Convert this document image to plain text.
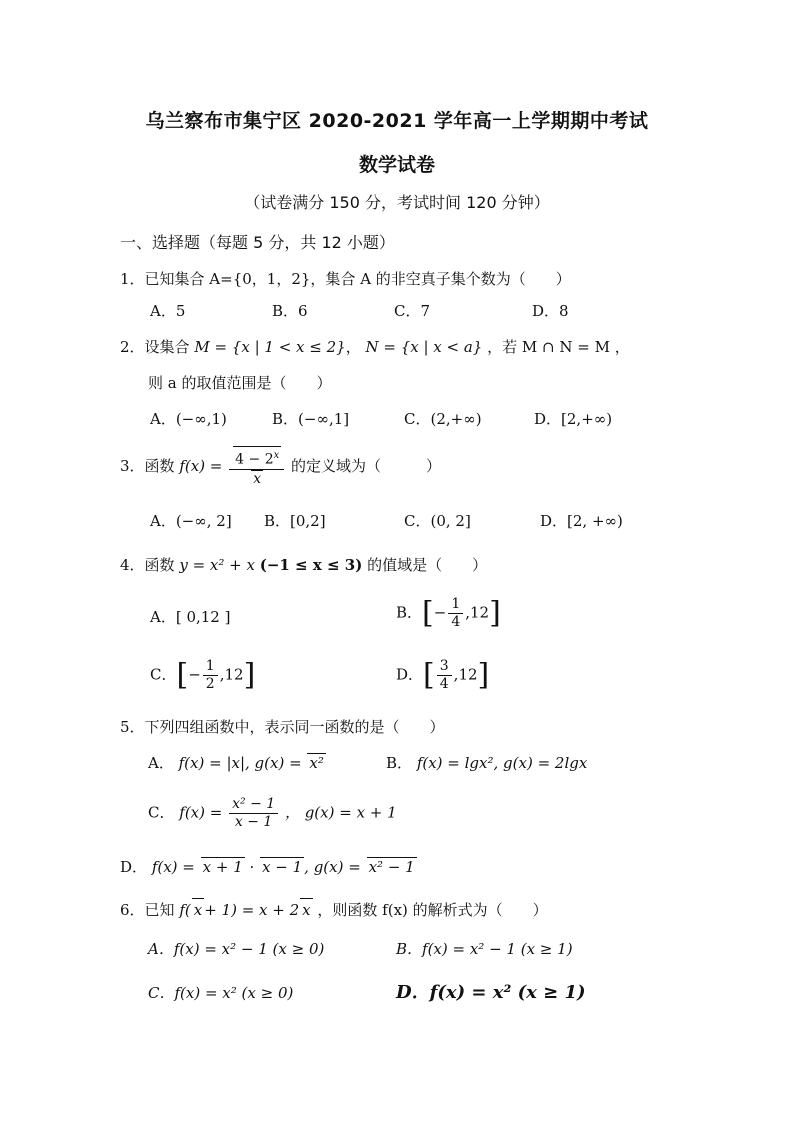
乌兰察布市集宁区 2020-2021 学年高一上学期期中考试
数学试卷
（试卷满分 150 分，考试时间 120 分钟）
一、选择题（每题 5 分，共 12 小题）
1．已知集合 A={0，1，2}，集合 A 的非空真子集个数为（　　）
A．5	B．6	C．7	D．8
2．设集合 M = {x | 1 < x ≤ 2}， N = {x | x < a} ，若 M ∩ N = M ，
则 a 的取值范围是（　　）
A．(−∞,1)	B．(−∞,1]	C．(2,+∞)	D．[2,+∞)
3．函数 $f(x) = \frac{4 - 2^x}{x}$ 的定义域为（　　　）
A．(−∞, 2] B．[0,2]	C．(0, 2]	D．[2, +∞)
4．函数 y = x² + x (−1 ≤ x ≤ 3) 的值域是（　　）
A．[ 0,12 ]	B．[− $\frac{1}{4} ,12$]
C．[− $\frac{1}{2} ,12$]	D．[ $\frac{3}{4} ,12$]
5．下列四组函数中，表示同一函数的是（　　）
A． f(x) = |x|, g(x) = x²	B． f(x) = lgx², g(x) = 2lgx
C． $f(x) = \frac{\text{x² − 1}}{x - 1}$ ， g(x) = x + 1
D． f(x) = x + 1 · x − 1 , g(x) = x² − 1
6．已知 f( x + 1) = x + 2 x ，则函数 f(x) 的解析式为（　　）
A．f(x) = x² − 1 (x ≥ 0)	B．f(x) = x² − 1 (x ≥ 1)
C．f(x) = x² (x ≥ 0)	D．f(x) = x² (x ≥ 1)
